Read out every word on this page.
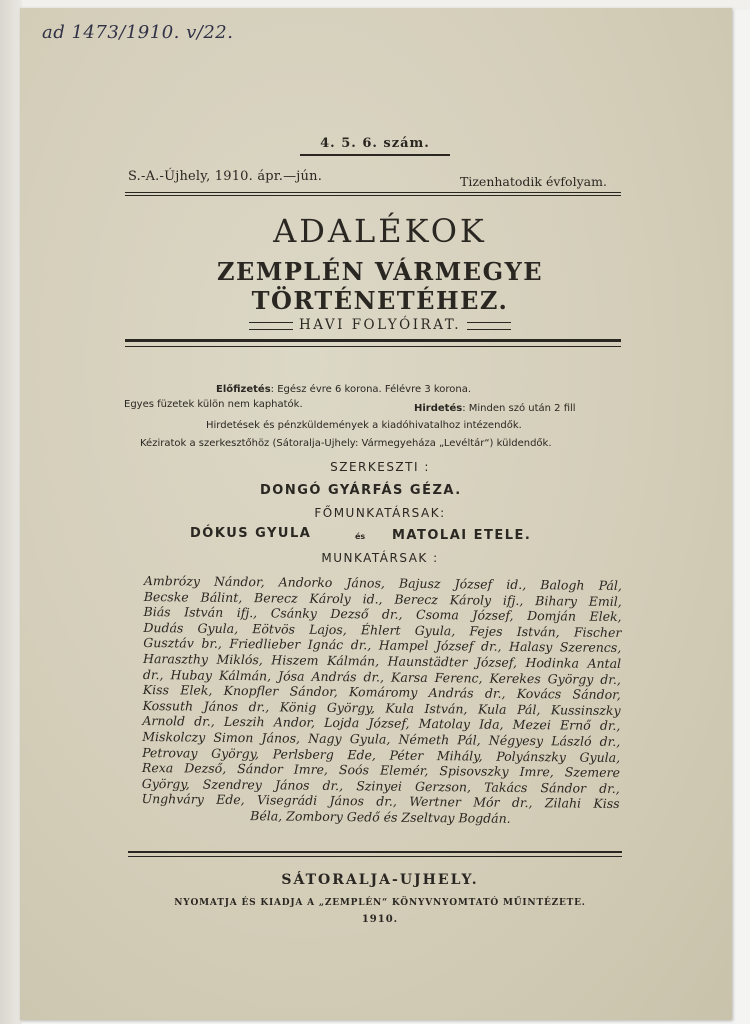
ad 1473/1910. v/22.
4. 5. 6. szám.
S.-A.-Újhely, 1910. ápr.—jún.	Tizenhatodik évfolyam.
ADALÉKOK
ZEMPLÉN VÁRMEGYE TÖRTÉNETÉHEZ.
HAVI FOLYÓIRAT.
Előfizetés: Egész évre 6 korona. Félévre 3 korona.
Egyes füzetek külön nem kaphatók.	Hirdetés: Minden szó után 2 fill
Hirdetések és pénzküldemények a kiadóhivatalhoz intézendők.
Kéziratok a szerkesztőhöz (Sátoralja-Ujhely: Vármegyeháza „Levéltár“) küldendők.
SZERKESZTI :
DONGÓ GYÁRFÁS GÉZA.
FŐMUNKATÁRSAK:
DÓKUS GYULA	és MATOLAI ETELE.
MUNKATÁRSAK :
Ambrózy Nándor, Andorko János, Bajusz József id., Balogh Pál,
Becske Bálint, Berecz Károly id., Berecz Károly ifj., Bihary Emil,
Biás István ifj., Csánky Dezső dr., Csoma József, Domján Elek,
Dudás Gyula, Eötvös Lajos, Éhlert Gyula, Fejes István, Fischer
Gusztáv br., Friedlieber Ignác dr., Hampel József dr., Halasy Szerencs,
Haraszthy Miklós, Hiszem Kálmán, Haunstädter József, Hodinka Antal
dr., Hubay Kálmán, Jósa András dr., Karsa Ferenc, Kerekes György dr.,
Kiss Elek, Knopfler Sándor, Komáromy András dr., Kovács Sándor,
Kossuth János dr., König György, Kula István, Kula Pál, Kussinszky
Arnold dr., Leszih Andor, Lojda József, Matolay Ida, Mezei Ernő dr.,
Miskolczy Simon János, Nagy Gyula, Németh Pál, Négyesy László dr.,
Petrovay György, Perlsberg Ede, Péter Mihály, Polyánszky Gyula,
Rexa Dezső, Sándor Imre, Soós Elemér, Spisovszky Imre, Szemere
György, Szendrey János dr., Szinyei Gerzson, Takács Sándor dr.,
Unghváry Ede, Visegrádi János dr., Wertner Mór dr., Zilahi Kiss
Béla, Zombory Gedő és Zseltvay Bogdán.
SÁTORALJA-UJHELY.
NYOMATJA ÉS KIADJA A „ZEMPLÉN“ KÖNYVNYOMTATÓ MŰINTÉZETE.
1910.
